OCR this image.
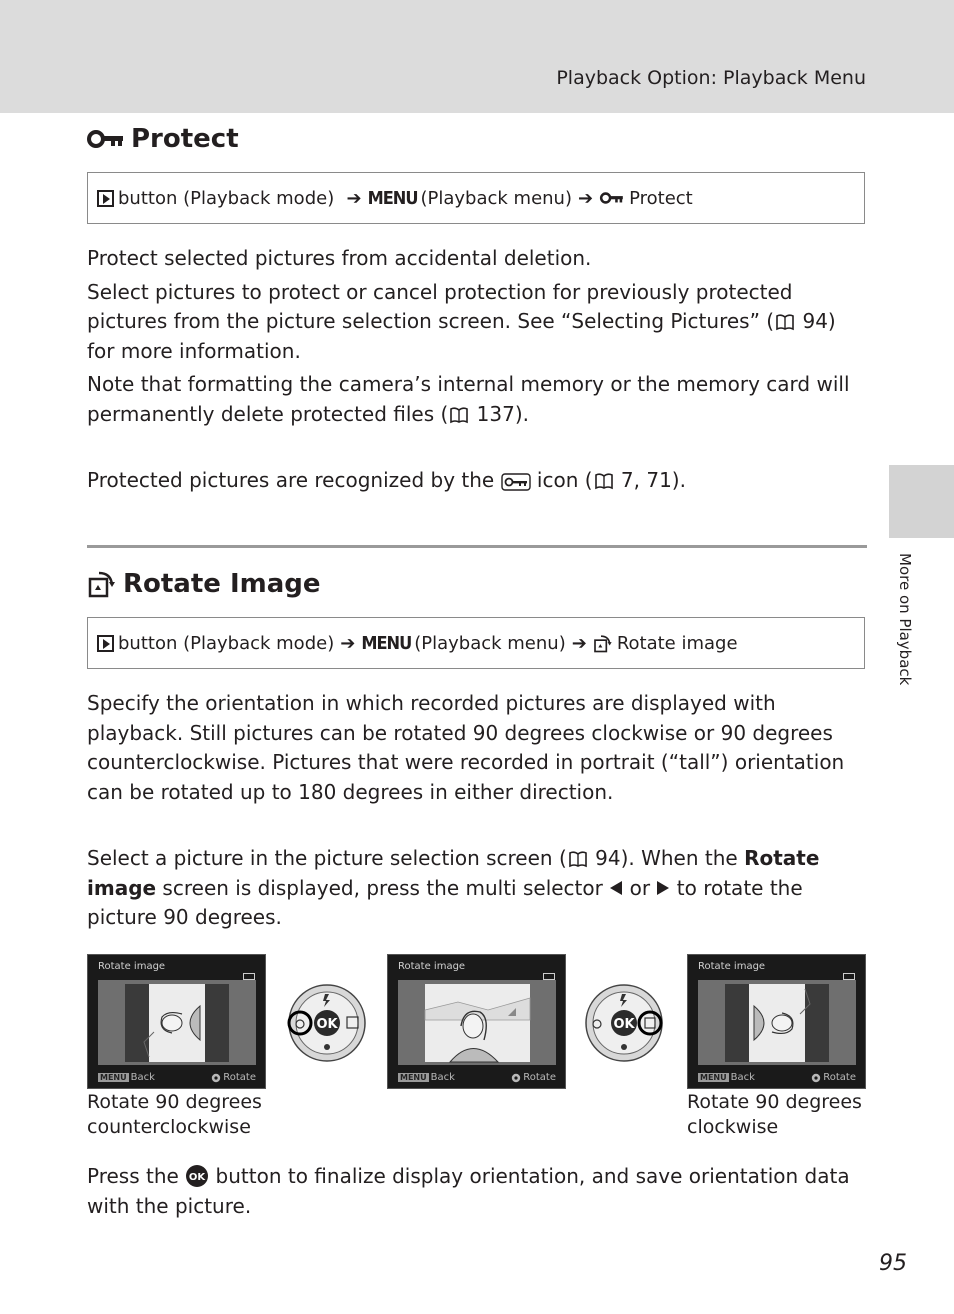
Playback Option: Playback Menu
More on Playback
Protect
button (Playback mode) ➔ MENU (Playback menu) ➔ Protect

Protect selected pictures from accidental deletion.

Select pictures to protect or cancel protection for previously protected pictures from the picture selection screen. See “Selecting Pictures” ( 94) for more information.

Note that formatting the camera’s internal memory or the memory card will permanently delete protected files ( 137).

Protected pictures are recognized by the  icon ( 7, 71).

Rotate Image
button (Playback mode) ➔ MENU (Playback menu) ➔ Rotate image

Specify the orientation in which recorded pictures are displayed with playback. Still pictures can be rotated 90 degrees clockwise or 90 degrees counterclockwise. Pictures that were recorded in portrait (“tall”) orientation can be rotated up to 180 degrees in either direction.

Select a picture in the picture selection screen ( 94). When the Rotate image screen is displayed, press the multi selector  or  to rotate the picture 90 degrees.

Rotate image
MENU Back	Rotate
OK
Rotate image
MENU Back	Rotate
OK
Rotate image
MENU Back	Rotate
Rotate 90 degrees counterclockwise
Rotate 90 degrees clockwise

Press the OK button to finalize display orientation, and save orientation data with the picture.

95
